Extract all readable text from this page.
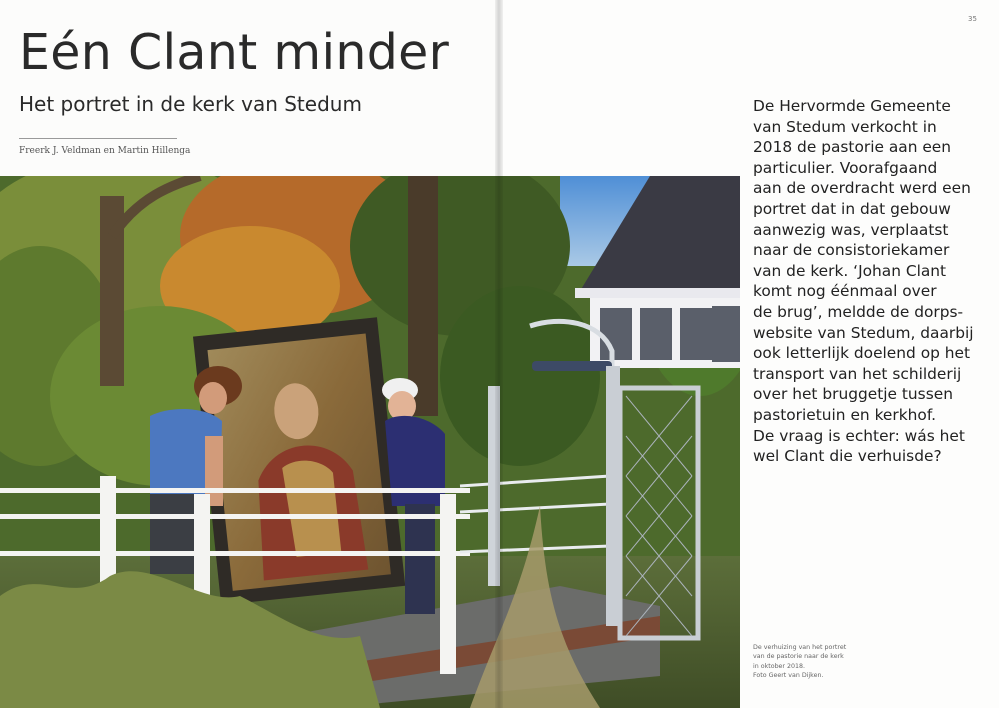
Eén Clant minder
Het portret in de kerk van Stedum
Freerk J. Veldman en Martin Hillenga
35

De Hervormde Gemeente
van Stedum verkocht in
2018 de pastorie aan een
particulier. Voorafgaand
aan de overdracht werd een
portret dat in dat gebouw
aanwezig was, verplaatst
naar de consistoriekamer
van de kerk. ‘Johan Clant
komt nog éénmaal over
de brug’, meldde de dorps-
website van Stedum, daarbij
ook letterlijk doelend op het
transport van het schilderij
over het bruggetje tussen
pastorietuin en kerkhof.
De vraag is echter: wás het
wel Clant die verhuisde?

De verhuizing van het portret
van de pastorie naar de kerk
in oktober 2018.
Foto Geert van Dijken.
